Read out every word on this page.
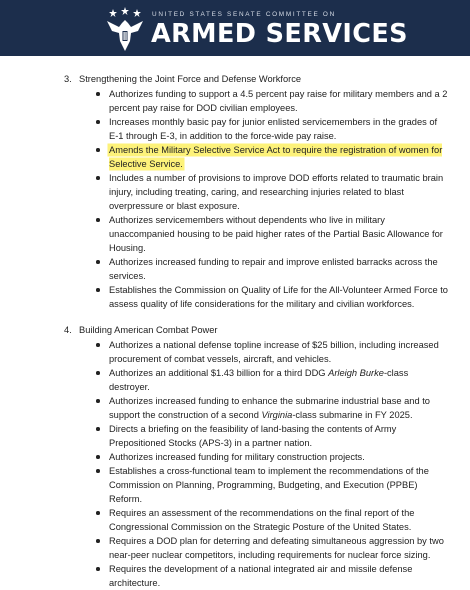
UNITED STATES SENATE COMMITTEE ON
ARMED SERVICES
3. Strengthening the Joint Force and Defense Workforce
Authorizes funding to support a 4.5 percent pay raise for military members and a 2 percent pay raise for DOD civilian employees.
Increases monthly basic pay for junior enlisted servicemembers in the grades of E-1 through E-3, in addition to the force-wide pay raise.
Amends the Military Selective Service Act to require the registration of women for Selective Service.
Includes a number of provisions to improve DOD efforts related to traumatic brain injury, including treating, caring, and researching injuries related to blast overpressure or blast exposure.
Authorizes servicemembers without dependents who live in military unaccompanied housing to be paid higher rates of the Partial Basic Allowance for Housing.
Authorizes increased funding to repair and improve enlisted barracks across the services.
Establishes the Commission on Quality of Life for the All-Volunteer Armed Force to assess quality of life considerations for the military and civilian workforces.
4. Building American Combat Power
Authorizes a national defense topline increase of $25 billion, including increased procurement of combat vessels, aircraft, and vehicles.
Authorizes an additional $1.43 billion for a third DDG Arleigh Burke-class destroyer.
Authorizes increased funding to enhance the submarine industrial base and to support the construction of a second Virginia-class submarine in FY 2025.
Directs a briefing on the feasibility of land-basing the contents of Army Prepositioned Stocks (APS-3) in a partner nation.
Authorizes increased funding for military construction projects.
Establishes a cross-functional team to implement the recommendations of the Commission on Planning, Programming, Budgeting, and Execution (PPBE) Reform.
Requires an assessment of the recommendations on the final report of the Congressional Commission on the Strategic Posture of the United States.
Requires a DOD plan for deterring and defeating simultaneous aggression by two near-peer nuclear competitors, including requirements for nuclear force sizing.
Requires the development of a national integrated air and missile defense architecture.
